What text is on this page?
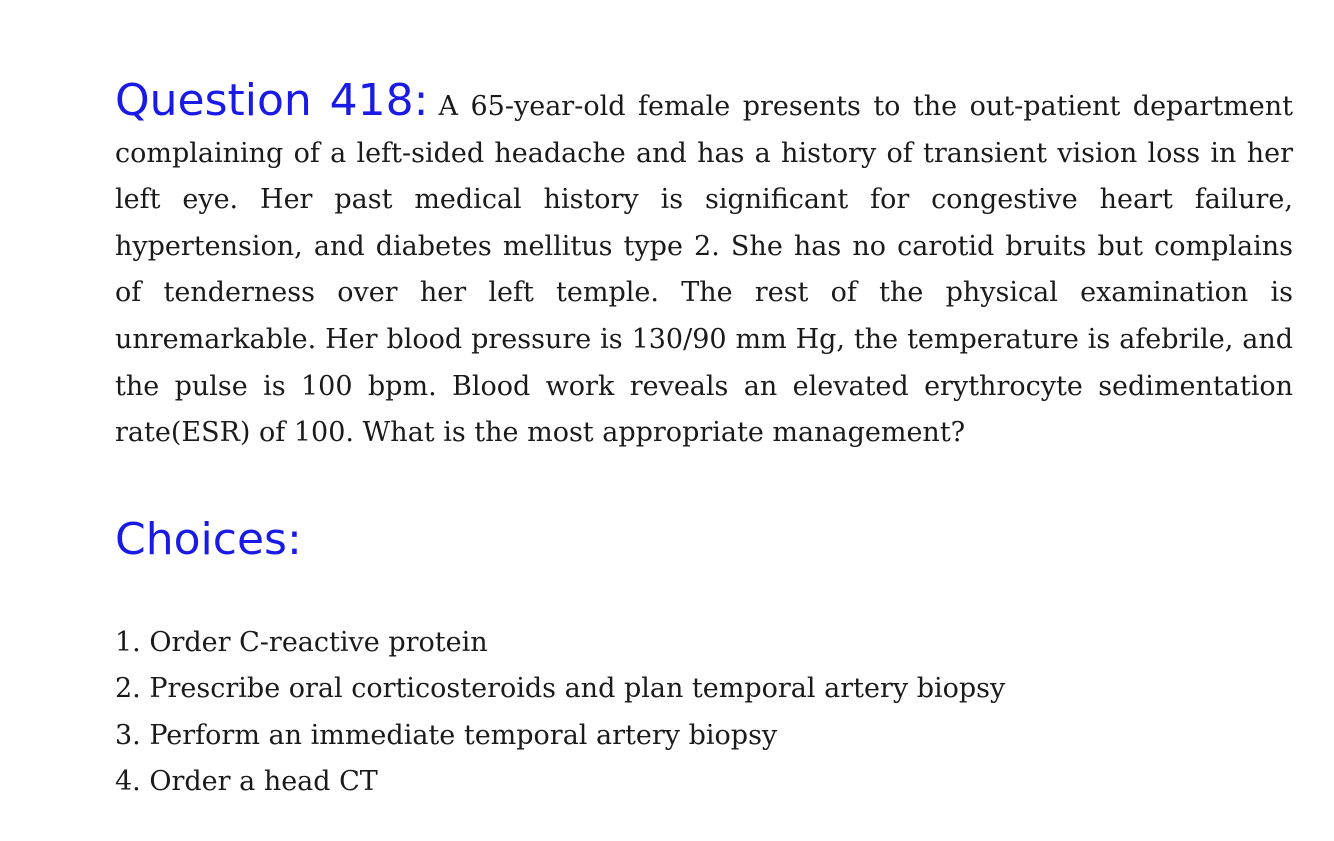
Question 418: A 65-year-old female presents to the out-patient department complaining of a left-sided headache and has a history of transient vision loss in her left eye. Her past medical history is significant for congestive heart failure, hypertension, and diabetes mellitus type 2. She has no carotid bruits but complains of tenderness over her left temple. The rest of the physical examination is unremarkable. Her blood pressure is 130/90 mm Hg, the temperature is afebrile, and the pulse is 100 bpm. Blood work reveals an elevated erythrocyte sedimentation rate(ESR) of 100. What is the most appropriate management?
Choices:
1. Order C-reactive protein
2. Prescribe oral corticosteroids and plan temporal artery biopsy
3. Perform an immediate temporal artery biopsy
4. Order a head CT
